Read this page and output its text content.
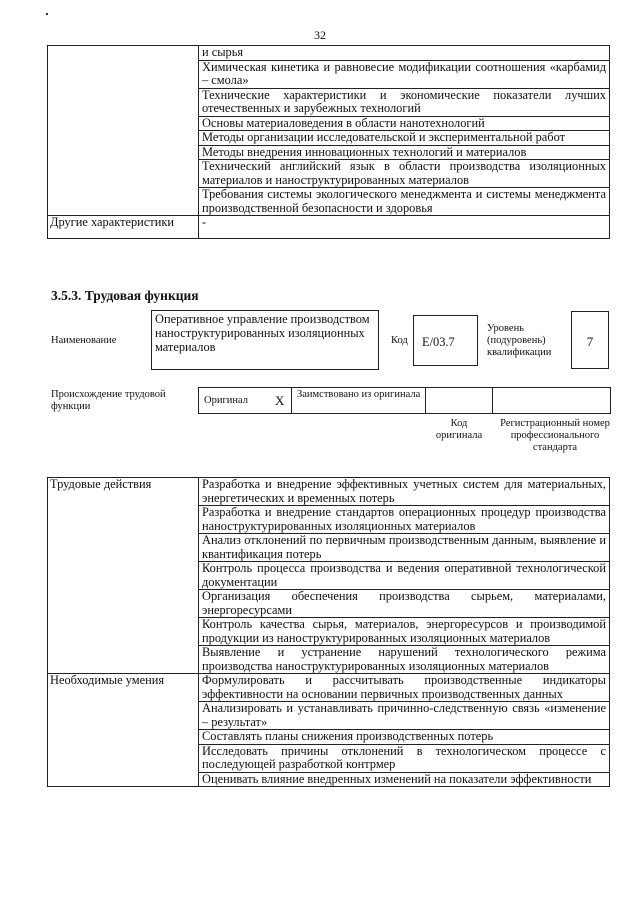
32
	и сырья
	Химическая кинетика и равновесие модификации соотношения «карбамид – смола»
	Технические характеристики и экономические показатели лучших отечественных и зарубежных технологий
	Основы материаловедения в области нанотехнологий
	Методы организации исследовательской и экспериментальной работ
	Методы внедрения инновационных технологий и материалов
	Технический английский язык в области производства изоляционных материалов и наноструктурированных материалов
	Требования системы экологического менеджмента и системы менеджмента производственной безопасности и здоровья
Другие характеристики	-
3.5.3. Трудовая функция
Наименование
Оперативное управление производством наноструктурированных изоляционных материалов	Код	E/03.7
Уровень (подуровень) квалификации
7
Происхождение трудовой функции
Оригинал X Заимствовано из оригинала
Код оригинала
Регистрационный номер профессионального стандарта
Трудовые действия	Разработка и внедрение эффективных учетных систем для материальных, энергетических и временных потерь
	Разработка и внедрение стандартов операционных процедур производства наноструктурированных изоляционных материалов
	Анализ отклонений по первичным производственным данным, выявление и квантификация потерь
	Контроль процесса производства и ведения оперативной технологической документации
	Организация обеспечения производства сырьем, материалами, энергоресурсами
	Контроль качества сырья, материалов, энергоресурсов и производимой продукции из наноструктурированных изоляционных материалов
	Выявление и устранение нарушений технологического режима производства наноструктурированных изоляционных материалов
Необходимые умения	Формулировать и рассчитывать производственные индикаторы эффективности на основании первичных производственных данных
	Анализировать и устанавливать причинно-следственную связь «изменение – результат»
	Составлять планы снижения производственных потерь
	Исследовать причины отклонений в технологическом процессе с последующей разработкой контрмер
	Оценивать влияние внедренных изменений на показатели эффективности
